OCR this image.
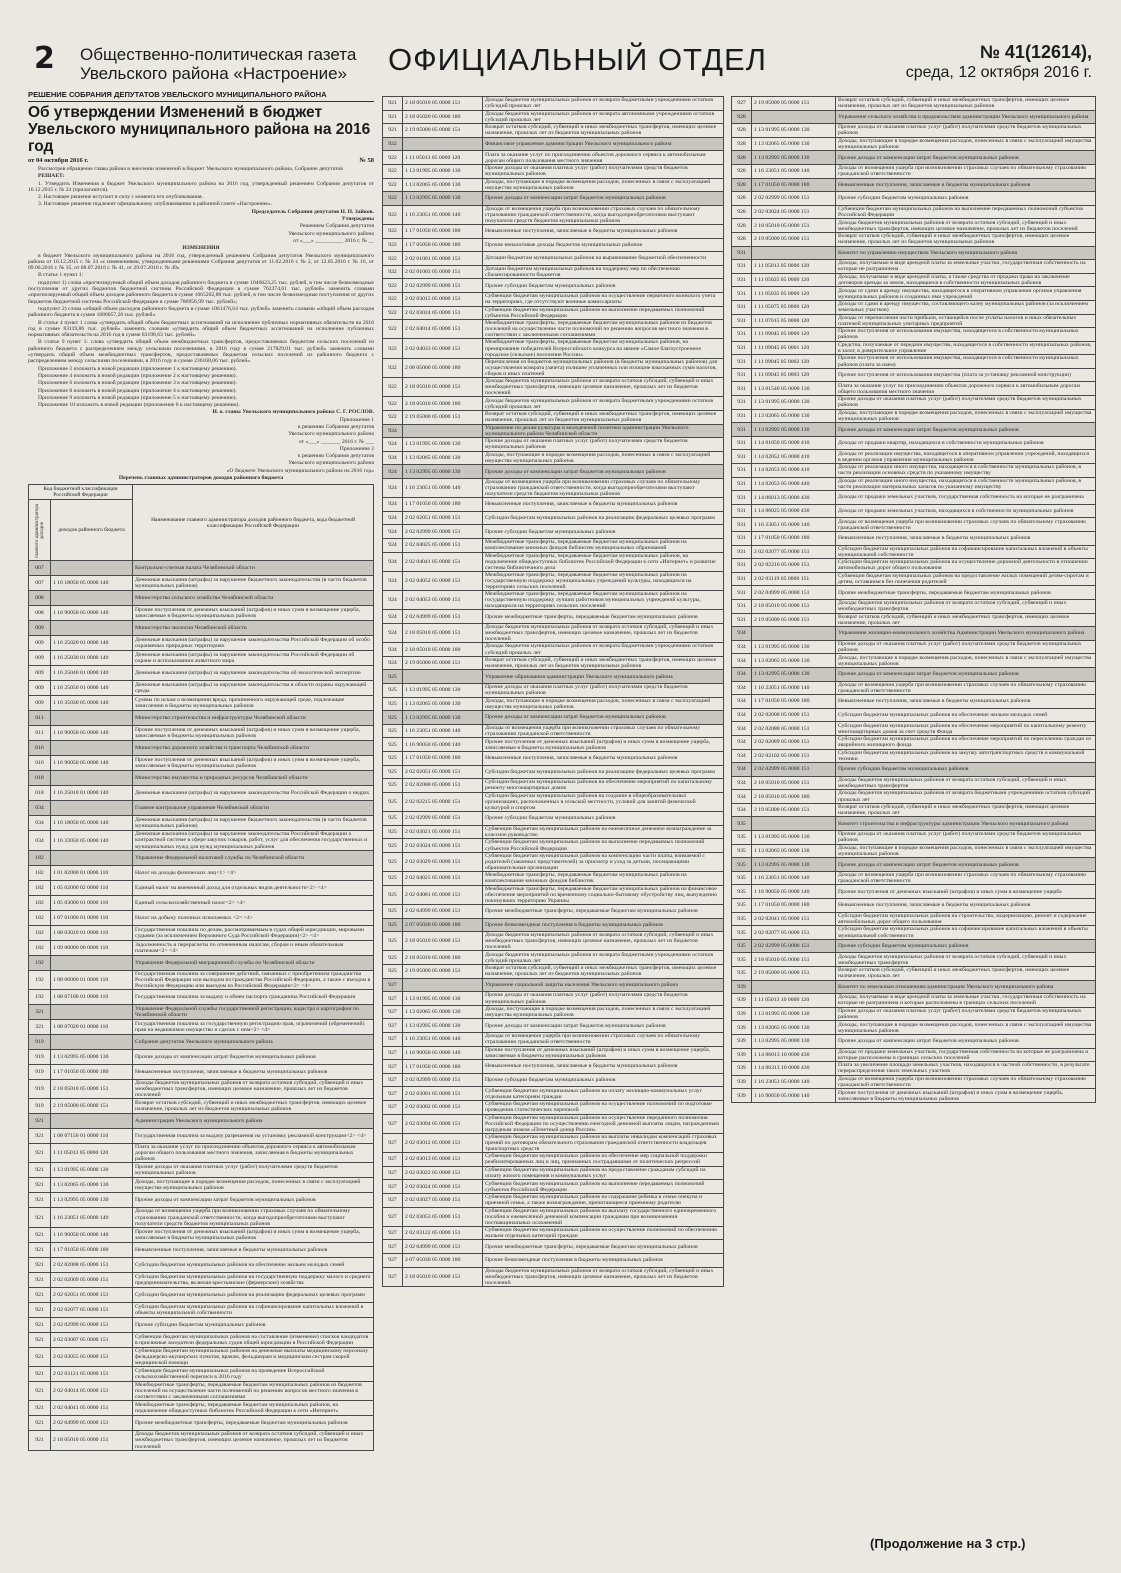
2 Общественно-политическая газета
Увельского района «Настроение»	ОФИЦИАЛЬНЫЙ ОТДЕЛ	№ 41(12614),
среда, 12 октября 2016 г.
РЕШЕНИЕ СОБРАНИЯ ДЕПУТАТОВ УВЕЛЬСКОГО МУНИЦИПАЛЬНОГО РАЙОНА
Об утверждении Изменений в бюджет
Увельского муниципального района на 2016 год
от 04 октября 2016 г.	№ 58

Рассмотрев обращение главы района и внесении изменений в бюджет Увельского муниципального района, Собрание депутатов

РЕШАЕТ:

1. Утвердить Изменения в бюджет Увельского муниципального района на 2016 год, утвержденный решением Собрания депутатов от 16.12.2015 г. № 24 (прилагаются).

2. Настоящее решение вступает в силу с момента его опубликования.

3. Настоящее решение подлежит официальному опубликованию в районной газете «Настроение».

Председатель Собрания депутатов Н. П. Зайков.

Утверждены

Решением Собрания депутатов

Увельского муниципального района

от «___» __________ 2016 г. № __

ИЗМЕНЕНИЯ

в бюджет Увельского муниципального района на 2016 год, утвержденный решением Собрания депутатов Увельского муниципального района от 16.12.2015 г. № 24 «с изменениями, утвержденными решениями Собрания депутатов от 11.02.2016 г. № 2, от 12.05.2016 г. № 16, от 09.06.2016 г. № 35, от 08.07.2016 г. № 41, от 29.07.2016 г. № 49»

В статье 1 пункт 1:

подпункт 1) слова «прогнозируемый общий объем доходов районного бюджета в сумме 1040623,25 тыс. рублей, в том числе безвозмездные поступления от других бюджетов бюджетной системы Российской Федерации в сумме 762374,61 тыс. рублей» заменить словами «прогнозируемый общий объем доходов районного бюджета в сумме 1065202,88 тыс. рублей, в том числе безвозмездные поступления от других бюджетов бюджетной системы Российской Федерации в сумме 786956,99 тыс. рублей»;

подпункт 2) слова «общий объем расходов районного бюджета в сумме 1061476,64 тыс. рублей» заменить словами «общий объем расходов районного бюджета в сумме 1086057,26 тыс. рублей».

В статье 4 пункт 1 слова «утвердить общий объем бюджетных ассигнований на исполнение публичных нормативных обязательств на 2016 год в сумме 83119,86 тыс. рублей» заменить словами «утвердить общий объем бюджетных ассигнований на исполнение публичных нормативных обязательств на 2016 год в сумме 83198,63 тыс. рублей».

В статье 9 пункт 1: слова «утвердить общий объем межбюджетных трансфертов, предоставляемых бюджетам сельских поселений из районного бюджета с распределением между сельскими поселениями, в 2016 году в сумме 217829,01 тыс. рублей» заменить словами «утвердить общий объем межбюджетных трансфертов, предоставляемых бюджетам сельских поселений из районного бюджета с распределением между сельскими поселениями, в 2016 году в сумме 236168,06 тыс. рублей».

Приложение 2 изложить в новой редакции (приложение 1 к настоящему решению).

Приложение 4 изложить в новой редакции (приложение 2 к настоящему решению).

Приложение 6 изложить в новой редакции (приложение 3 к настоящему решению).

Приложение 8 изложить в новой редакции (приложение 4 к настоящему решению).

Приложение 9 изложить в новой редакции (приложение 5 к настоящему решению).

Приложение 10 изложить в новой редакции (приложение 6 к настоящему решению).

И. о. главы Увельского муниципального района С. Г. РОСЛОВ.

Приложение 1

к решению Собрания депутатов

Увельского муниципального района

от «___» _______ 2016 г. № ___

Приложение 2

к решению Собрания депутатов

Увельского муниципального района

«О бюджете Увельского муниципального района на 2016 год»

Перечень главных администраторов доходов районного бюджета

Код бюджетной классификации Российской Федерации		Наименование главного администратора доходов районного бюджета, кода бюджетной классификации Российской Федерации
главного администратора доходов	доходов районного бюджета	
007		Контрольно-счетная палата Челябинской области
007	1 16 18050 05 0000 140	Денежные взыскания (штрафы) за нарушение бюджетного законодательства (в части бюджетов муниципальных районов)
008		Министерство сельского хозяйства Челябинской области
008	1 16 90050 05 0000 140	Прочие поступления от денежных взысканий (штрафов) и иных сумм в возмещение ущерба, зачисляемые в бюджеты муниципальных районов
009		Министерство экологии Челябинской области
009	1 16 25020 01 0000 140	Денежные взыскания (штрафы) за нарушение законодательства Российской Федерации об особо охраняемых природных территориях
009	1 16 25030 01 0000 140	Денежные взыскания (штрафы) за нарушение законодательства Российской Федерации об охране и использовании животного мира
009	1 16 25040 01 0000 140	Денежные взыскания (штрафы) за нарушение законодательства об экологической экспертизе
009	1 16 25050 01 0000 140	Денежные взыскания (штрафы) за нарушение законодательства в области охраны окружающей среды
009	1 16 35030 05 0000 140	Суммы по искам о возмещении вреда, причиненного окружающей среде, подлежащие зачислению в бюджеты муниципальных районов
011		Министерство строительства и инфраструктуры Челябинской области
011	1 16 90050 05 0000 140	Прочие поступления от денежных взысканий (штрафов) и иных сумм в возмещение ущерба, зачисляемые в бюджеты муниципальных районов
016		Министерство дорожного хозяйства и транспорта Челябинской области
016	1 16 90050 05 0000 140	Прочие поступления от денежных взысканий (штрафов) и иных сумм в возмещение ущерба, зачисляемые в бюджеты муниципальных районов
018		Министерство имущества и природных ресурсов Челябинской области
018	1 16 25010 01 0000 140	Денежные взыскания (штрафы) за нарушение законодательства Российской Федерации о недрах
034		Главное контрольное управление Челябинской области
034	1 16 18050 05 0000 140	Денежные взыскания (штрафы) за нарушение бюджетного законодательства (в части бюджетов муниципальных районов)
034	1 16 33050 05 0000 140	Денежные взыскания (штрафы) за нарушение законодательства Российской Федерации о контрактной системе в сфере закупок товаров, работ, услуг для обеспечения государственных и муниципальных нужд для нужд муниципальных районов
182		Управление Федеральной налоговой службы по Челябинской области
182	1 01 02000 01 0000 110	Налог на доходы физических лиц<1> <4>
182	1 05 02000 02 0000 110	Единый налог на вмененный доход для отдельных видов деятельности<2> <4>
182	1 05 03000 01 0000 110	Единый сельскохозяйственный налог<2> <4>
182	1 07 01000 01 0000 110	Налог на добычу полезных ископаемых <2> <4>
182	1 08 03010 01 0000 110	Государственная пошлина по делам, рассматриваемым в судах общей юрисдикции, мировыми судьями (за исключением Верховного Суда Российской Федерации)<2> <4>
182	1 09 00000 00 0000 110	Задолженность и перерасчеты по отмененным налогам, сборам и иным обязательным платежам<2> <4>
192		Управление Федеральной миграционной службы по Челябинской области
192	1 08 06000 01 0000 110	Государственная пошлина за совершение действий, связанных с приобретением гражданства Российской Федерации или выходом из гражданства Российской Федерации, а также с въездом в Российскую Федерацию или выездом из Российской Федерации<2> <4>
192	1 08 07100 01 0000 110	Государственная пошлина за выдачу и обмен паспорта гражданина Российской Федерации
321		Управление Федеральной службы государственной регистрации, кадастра и картографии по Челябинской области
321	1 08 07020 01 0000 110	Государственная пошлина за государственную регистрацию прав, ограничений (обременений) прав на недвижимое имущество и сделок с ним<2> <4>
919		Собрание депутатов Увельского муниципального района
919	1 13 02995 05 0000 130	Прочие доходы от компенсации затрат бюджетов муниципальных районов
919	1 17 01050 05 0000 180	Невыясненные поступления, зачисляемые в бюджеты муниципальных районов
919	2 18 05010 05 0000 151	Доходы бюджетов муниципальных районов от возврата остатков субсидий, субвенций и иных межбюджетных трансфертов, имеющих целевое назначение, прошлых лет из бюджетов поселений
919	2 19 05000 05 0000 151	Возврат остатков субсидий, субвенций и иных межбюджетных трансфертов, имеющих целевое назначение, прошлых лет из бюджетов муниципальных районов
921		Администрация Увельского муниципального района
921	1 08 07150 01 0000 110	Государственная пошлина за выдачу разрешения на установку рекламной конструкции<2> <4>
921	1 11 05013 05 0000 120	Плата за оказание услуг по присоединению объектов дорожного сервиса к автомобильным дорогам общего пользования местного значения, зачисляемая в бюджеты муниципальных районов
921	1 13 01995 05 0000 130	Прочие доходы от оказания платных услуг (работ) получателями средств бюджетов муниципальных районов
921	1 13 02065 05 0000 130	Доходы, поступающие в порядке возмещения расходов, понесенных в связи с эксплуатацией имущества муниципальных районов
921	1 13 02995 05 0000 130	Прочие доходы от компенсации затрат бюджетов муниципальных районов
921	1 16 23051 05 0000 140	Доходы от возмещения ущерба при возникновении страховых случаев по обязательному страхованию гражданской ответственности, когда выгодоприобретателями выступают получатели средств бюджетов муниципальных районов
921	1 16 90050 05 0000 140	Прочие поступления от денежных взысканий (штрафов) и иных сумм в возмещение ущерба, зачисляемые в бюджеты муниципальных районов
921	1 17 01050 05 0000 180	Невыясненные поступления, зачисляемые в бюджеты муниципальных районов
921	2 02 02008 05 0000 151	Субсидии бюджетам муниципальных районов на обеспечение жильем молодых семей
921	2 02 02009 05 0000 151	Субсидии бюджетам муниципальных районов на государственную поддержку малого и среднего предпринимательства, включая крестьянские (фермерские) хозяйства
921	2 02 02051 05 0000 151	Субсидии бюджетам муниципальных районов на реализацию федеральных целевых программ
921	2 02 02077 05 0000 151	Субсидии бюджетам муниципальных районов на софинансирование капитальных вложений в объекты муниципальной собственности
921	2 02 02999 05 0000 151	Прочие субсидии бюджетам муниципальных районов
921	2 02 03007 05 0000 151	Субвенции бюджетам муниципальных районов на составление (изменение) списков кандидатов в присяжные заседатели федеральных судов общей юрисдикции в Российской Федерации
921	2 02 03055 05 0000 151	Субвенции бюджетам муниципальных районов на денежные выплаты медицинскому персоналу фельдшерско-акушерских пунктов, врачам, фельдшерам и медицинским сестрам скорой медицинской помощи
921	2 02 03121 05 0000 151	Субвенции бюджетам муниципальных районов на проведение Всероссийской сельскохозяйственной переписи в 2016 году
921	2 02 04014 05 0000 151	Межбюджетные трансферты, передаваемые бюджетам муниципальных районов из бюджетов поселений на осуществление части полномочий по решению вопросов местного значения в соответствии с заключенными соглашениями
921	2 02 04041 05 0000 151	Межбюджетные трансферты, передаваемые бюджетам муниципальных районов, на подключение общедоступных библиотек Российской Федерации к сети «Интернет»
921	2 02 04999 05 0000 151	Прочие межбюджетные трансферты, передаваемые бюджетам муниципальных районов
921	2 18 05010 05 0000 151	Доходы бюджетов муниципальных районов от возврата остатков субсидий, субвенций и иных межбюджетных трансфертов, имеющих целевое назначение, прошлых лет из бюджетов поселений
921	2 18 05010 05 0000 151	Доходы бюджетов муниципальных районов от возврата бюджетными учреждениями остатков субсидий прошлых лет
921	2 18 05020 05 0000 180	Доходы бюджетов муниципальных районов от возврата автономными учреждениями остатков субсидий прошлых лет
921	2 19 05000 05 0000 151	Возврат остатков субсидий, субвенций и иных межбюджетных трансфертов, имеющих целевое назначение, прошлых лет из бюджетов муниципальных районов
922		Финансовое управление администрации Увельского муниципального района
922	1 11 05013 05 0000 120	Плата за оказание услуг по присоединению объектов дорожного сервиса к автомобильным дорогам общего пользования местного значения
922	1 13 01995 05 0000 130	Прочие доходы от оказания платных услуг (работ) получателями средств бюджетов муниципальных районов
922	1 13 02065 05 0000 130	Доходы, поступающие в порядке возмещения расходов, понесенных в связи с эксплуатацией имущества муниципальных районов
922	1 13 02995 05 0000 130	Прочие доходы от компенсации затрат бюджетов муниципальных районов
922	1 16 23051 05 0000 140	Доходы от возмещения ущерба при возникновении страховых случаев по обязательному страхованию гражданской ответственности, когда выгодоприобретателями выступают получатели средств бюджетов муниципальных районов
922	1 17 01050 05 0000 180	Невыясненные поступления, зачисляемые в бюджеты муниципальных районов
922	1 17 05050 05 0000 180	Прочие неналоговые доходы бюджетов муниципальных районов
922	2 02 01001 05 0000 151	Дотации бюджетам муниципальных районов на выравнивание бюджетной обеспеченности
922	2 02 01003 05 0000 151	Дотации бюджетам муниципальных районов на поддержку мер по обеспечению сбалансированности бюджетов
922	2 02 02999 05 0000 151	Прочие субсидии бюджетам муниципальных районов
922	2 02 03015 05 0000 151	Субвенции бюджетам муниципальных районов на осуществление первичного воинского учета на территориях, где отсутствуют военные комиссариаты
922	2 02 03024 05 0000 151	Субвенции бюджетам муниципальных районов на выполнение передаваемых полномочий субъектов Российской Федерации
922	2 02 04014 05 0000 151	Межбюджетные трансферты, передаваемые бюджетам муниципальных районов из бюджетов поселений на осуществление части полномочий по решению вопросов местного значения в соответствии с заключенными соглашениями
922	2 02 04033 05 0000 151	Межбюджетные трансферты, передаваемые бюджетам муниципальных районов, на премирование победителей Всероссийского конкурса на звание «Самое благоустроенное городское (сельское) поселение России»
922	2 08 05000 05 0000 180	Перечисления из бюджетов муниципальных районов (в бюджеты муниципальных районов) для осуществления возврата (зачета) излишне уплаченных или излишне взысканных сумм налогов, сборов и иных платежей
922	2 18 05010 05 0000 151	Доходы бюджетов муниципальных районов от возврата остатков субсидий, субвенций и иных межбюджетных трансфертов, имеющих целевое назначение, прошлых лет из бюджетов поселений
922	2 18 05010 05 0000 180	Доходы бюджетов муниципальных районов от возврата бюджетными учреждениями остатков субсидий прошлых лет
922	2 19 05000 05 0000 151	Возврат остатков субсидий, субвенций и иных межбюджетных трансфертов, имеющих целевое назначение, прошлых лет из бюджетов муниципальных районов
924		Управление по делам культуры и молодежной политики администрации Увельского муниципального района Челябинской области
924	1 13 01995 05 0000 130	Прочие доходы от оказания платных услуг (работ) получателями средств бюджетов муниципальных районов
924	1 13 02065 05 0000 130	Доходы, поступающие в порядке возмещения расходов, понесенных в связи с эксплуатацией имущества муниципальных районов
924	1 13 02995 05 0000 130	Прочие доходы от компенсации затрат бюджетов муниципальных районов
924	1 16 23051 05 0000 140	Доходы от возмещения ущерба при возникновении страховых случаев по обязательному страхованию гражданской ответственности, когда выгодоприобретателями выступают получатели средств бюджетов муниципальных районов
924	1 17 01050 05 0000 180	Невыясненные поступления, зачисляемые в бюджеты муниципальных районов
924	2 02 02051 05 0000 151	Субсидии бюджетам муниципальных районов на реализацию федеральных целевых программ
924	2 02 02999 05 0000 151	Прочие субсидии бюджетам муниципальных районов
924	2 02 04025 05 0000 151	Межбюджетные трансферты, передаваемые бюджетам муниципальных районов на комплектование книжных фондов библиотек муниципальных образований
924	2 02 04041 05 0000 151	Межбюджетные трансферты, передаваемые бюджетам муниципальных районов, на подключение общедоступных библиотек Российской Федерации к сети «Интернет» и развитие системы библиотечного дела
924	2 02 04052 05 0000 151	Межбюджетные трансферты, передаваемые бюджетам муниципальных районов на государственную поддержку муниципальных учреждений культуры, находящихся на территориях сельских поселений
924	2 02 04053 05 0000 151	Межбюджетные трансферты, передаваемые бюджетам муниципальных районов на государственную поддержку лучших работников муниципальных учреждений культуры, находящихся на территориях сельских поселений
924	2 02 04999 05 0000 151	Прочие межбюджетные трансферты, передаваемые бюджетам муниципальных районов
924	2 18 05010 05 0000 151	Доходы бюджетов муниципальных районов от возврата остатков субсидий, субвенций и иных межбюджетных трансфертов, имеющих целевое назначение, прошлых лет из бюджетов поселений
924	2 18 05010 05 0000 180	Доходы бюджетов муниципальных районов от возврата бюджетными учреждениями остатков субсидий прошлых лет
924	2 19 05000 05 0000 151	Возврат остатков субсидий, субвенций и иных межбюджетных трансфертов, имеющих целевое назначение, прошлых лет из бюджетов муниципальных районов
925		Управление образования администрации Увельского муниципального района
925	1 13 01995 05 0000 130	Прочие доходы от оказания платных услуг (работ) получателями средств бюджетов муниципальных районов
925	1 13 02065 05 0000 130	Доходы, поступающие в порядке возмещения расходов, понесенных в связи с эксплуатацией имущества муниципальных районов
925	1 13 02995 05 0000 130	Прочие доходы от компенсации затрат бюджетов муниципальных районов
925	1 16 23051 05 0000 140	Доходы от возмещения ущерба при возникновении страховых случаев по обязательному страхованию гражданской ответственности
925	1 16 90050 05 0000 140	Прочие поступления от денежных взысканий (штрафов) и иных сумм в возмещение ущерба, зачисляемые в бюджеты муниципальных районов
925	1 17 01050 05 0000 180	Невыясненные поступления, зачисляемые в бюджеты муниципальных районов
925	2 02 02051 05 0000 151	Субсидии бюджетам муниципальных районов на реализацию федеральных целевых программ
925	2 02 02088 05 0000 151	Субсидии бюджетам муниципальных районов на обеспечение мероприятий по капитальному ремонту многоквартирных домов
925	2 02 02215 05 0000 151	Субсидии бюджетам муниципальных районов на создание в общеобразовательных организациях, расположенных в сельской местности, условий для занятий физической культурой и спортом
925	2 02 02999 05 0000 151	Прочие субсидии бюджетам муниципальных районов
925	2 02 03021 05 0000 151	Субвенции бюджетам муниципальных районов на ежемесячное денежное вознаграждение за классное руководство
925	2 02 03024 05 0000 151	Субвенции бюджетам муниципальных районов на выполнение передаваемых полномочий субъектов Российской Федерации
925	2 02 03029 05 0000 151	Субвенции бюджетам муниципальных районов на компенсацию части платы, взимаемой с родителей (законных представителей) за присмотр и уход за детьми, посещающими образовательные организации
925	2 02 04025 05 0000 151	Межбюджетные трансферты, передаваемые бюджетам муниципальных районов на комплектование книжных фондов библиотек
925	2 02 04081 05 0000 151	Межбюджетные трансферты, передаваемые бюджетам муниципальных районов на финансовое обеспечение мероприятий по временному социально-бытовому обустройству лиц, вынужденно покинувших территорию Украины
925	2 02 04999 05 0000 151	Прочие межбюджетные трансферты, передаваемые бюджетам муниципальных районов
925	2 07 05030 05 0000 180	Прочие безвозмездные поступления в бюджеты муниципальных районов
925	2 18 05010 05 0000 151	Доходы бюджетов муниципальных районов от возврата остатков субсидий, субвенций и иных межбюджетных трансфертов, имеющих целевое назначение, прошлых лет из бюджетов поселений
925	2 18 05010 05 0000 180	Доходы бюджетов муниципальных районов от возврата бюджетными учреждениями остатков субсидий прошлых лет
925	2 19 05000 05 0000 151	Возврат остатков субсидий, субвенций и иных межбюджетных трансфертов, имеющих целевое назначение, прошлых лет из бюджетов муниципальных районов
927		Управление социальной защиты населения Увельского муниципального района
927	1 13 01995 05 0000 130	Прочие доходы от оказания платных услуг (работ) получателями средств бюджетов муниципальных районов
927	1 13 02065 05 0000 130	Доходы, поступающие в порядке возмещения расходов, понесенных в связи с эксплуатацией имущества муниципальных районов
927	1 13 02995 05 0000 130	Прочие доходы от компенсации затрат бюджетов муниципальных районов
927	1 16 23051 05 0000 140	Доходы от возмещения ущерба при возникновении страховых случаев по обязательному страхованию гражданской ответственности
927	1 16 90050 05 0000 140	Прочие поступления от денежных взысканий (штрафов) и иных сумм в возмещение ущерба, зачисляемые в бюджеты муниципальных районов
927	1 17 01050 05 0000 180	Невыясненные поступления, зачисляемые в бюджеты муниципальных районов
927	2 02 02999 05 0000 151	Прочие субсидии бюджетам муниципальных районов
927	2 02 03001 05 0000 151	Субвенции бюджетам муниципальных районов на оплату жилищно-коммунальных услуг отдельным категориям граждан
927	2 02 03002 05 0000 151	Субвенции бюджетам муниципальных районов на осуществление полномочий по подготовке проведения статистических переписей
927	2 02 03004 05 0000 151	Субвенции бюджетам муниципальных районов на осуществление переданного полномочия Российской Федерации по осуществлению ежегодной денежной выплаты лицам, награжденным нагрудным знаком «Почетный донор России»
927	2 02 03012 05 0000 151	Субвенции бюджетам муниципальных районов на выплаты инвалидам компенсаций страховых премий по договорам обязательного страхования гражданской ответственности владельцев транспортных средств
927	2 02 03013 05 0000 151	Субвенции бюджетам муниципальных районов на обеспечение мер социальной поддержки реабилитированных лиц и лиц, признанных пострадавшими от политических репрессий
927	2 02 03022 05 0000 151	Субвенции бюджетам муниципальных районов на предоставление гражданам субсидий на оплату жилого помещения и коммунальных услуг
927	2 02 03024 05 0000 151	Субвенции бюджетам муниципальных районов на выполнение передаваемых полномочий субъектов Российской Федерации
927	2 02 03027 05 0000 151	Субвенции бюджетам муниципальных районов на содержание ребенка в семье опекуна и приемной семье, а также вознаграждение, причитающееся приемному родителю
927	2 02 03053 05 0000 151	Субвенции бюджетам муниципальных районов на выплату государственного единовременного пособия и ежемесячной денежной компенсации гражданам при возникновении поствакцинальных осложнений
927	2 02 03122 05 0000 151	Субвенции бюджетам муниципальных районов на осуществление полномочий по обеспечению жильем отдельных категорий граждан
927	2 02 04999 05 0000 151	Прочие межбюджетные трансферты, передаваемые бюджетам муниципальных районов
927	2 07 05030 05 0000 180	Прочие безвозмездные поступления в бюджеты муниципальных районов
927	2 18 05010 05 0000 151	Доходы бюджетов муниципальных районов от возврата остатков субсидий, субвенций и иных межбюджетных трансфертов, имеющих целевое назначение, прошлых лет из бюджетов поселений
927	2 19 05000 05 0000 151	Возврат остатков субсидий, субвенций и иных межбюджетных трансфертов, имеющих целевое назначение, прошлых лет из бюджетов муниципальных районов
928		Управление сельского хозяйства и продовольствия администрации Увельского муниципального района
928	1 13 01995 05 0000 130	Прочие доходы от оказания платных услуг (работ) получателями средств бюджетов муниципальных районов
928	1 13 02065 05 0000 130	Доходы, поступающие в порядке возмещения расходов, понесенных в связи с эксплуатацией имущества муниципальных районов
928	1 13 02995 05 0000 130	Прочие доходы от компенсации затрат бюджетов муниципальных районов
928	1 16 23051 05 0000 140	Доходы от возмещения ущерба при возникновении страховых случаев по обязательному страхованию гражданской ответственности
928	1 17 01050 05 0000 180	Невыясненные поступления, зачисляемые в бюджеты муниципальных районов
928	2 02 02999 05 0000 151	Прочие субсидии бюджетам муниципальных районов
928	2 02 03024 05 0000 151	Субвенции бюджетам муниципальных районов на выполнение передаваемых полномочий субъектов Российской Федерации
928	2 18 05010 05 0000 151	Доходы бюджетов муниципальных районов от возврата остатков субсидий, субвенций и иных межбюджетных трансфертов, имеющих целевое назначение, прошлых лет из бюджетов поселений
928	2 19 05000 05 0000 151	Возврат остатков субсидий, субвенций и иных межбюджетных трансфертов, имеющих целевое назначение, прошлых лет из бюджетов муниципальных районов
931		Комитет по управлению имуществом Увельского муниципального района
931	1 11 05013 05 0000 120	Доходы, получаемые в виде арендной платы за земельные участки, государственная собственность на которые не разграничена
931	1 11 05025 05 0000 120	Доходы, получаемые в виде арендной платы, а также средства от продажи права на заключение договоров аренды за земли, находящиеся в собственности муниципальных районов
931	1 11 05035 05 0000 120	Доходы от сдачи в аренду имущества, находящегося в оперативном управлении органов управления муниципальных районов и созданных ими учреждений
931	1 11 05075 05 0000 120	Доходы от сдачи в аренду имущества, составляющего казну муниципальных районов (за исключением земельных участков)
931	1 11 07015 05 0000 120	Доходы от перечисления части прибыли, остающейся после уплаты налогов и иных обязательных платежей муниципальных унитарных предприятий
931	1 11 09045 05 0000 120	Прочие поступления от использования имущества, находящегося в собственности муниципальных районов
931	1 11 09045 05 0001 120	Средства, получаемые от передачи имущества, находящегося в собственности муниципальных районов, в залог, в доверительное управление
931	1 11 09045 05 0002 120	Прочие поступления от использования имущества, находящегося в собственности муниципальных районов (плата за наем)
931	1 11 09045 05 0003 120	Прочие поступления от использования имущества (плата за установку рекламной конструкции)
931	1 13 01540 05 0000 130	Плата за оказание услуг по присоединению объектов дорожного сервиса к автомобильным дорогам общего пользования местного значения
931	1 13 01995 05 0000 130	Прочие доходы от оказания платных услуг (работ) получателями средств бюджетов муниципальных районов
931	1 13 02065 05 0000 130	Доходы, поступающие в порядке возмещения расходов, понесенных в связи с эксплуатацией имущества муниципальных районов
931	1 13 02995 05 0000 130	Прочие доходы от компенсации затрат бюджетов муниципальных районов
931	1 14 01050 05 0000 410	Доходы от продажи квартир, находящихся в собственности муниципальных районов
931	1 14 02052 05 0000 410	Доходы от реализации имущества, находящегося в оперативном управлении учреждений, находящихся в ведении органов управления муниципальных районов
931	1 14 02053 05 0000 410	Доходы от реализации иного имущества, находящегося в собственности муниципальных районов, в части реализации основных средств по указанному имуществу
931	1 14 02053 05 0000 440	Доходы от реализации иного имущества, находящегося в собственности муниципальных районов, в части реализации материальных запасов по указанному имуществу
931	1 14 06013 05 0000 430	Доходы от продажи земельных участков, государственная собственность на которые не разграничена
931	1 14 06025 05 0000 430	Доходы от продажи земельных участков, находящихся в собственности муниципальных районов
931	1 16 23051 05 0000 140	Доходы от возмещения ущерба при возникновении страховых случаев по обязательному страхованию гражданской ответственности
931	1 17 01050 05 0000 180	Невыясненные поступления, зачисляемые в бюджеты муниципальных районов
931	2 02 02077 05 0000 151	Субсидии бюджетам муниципальных районов на софинансирование капитальных вложений в объекты муниципальной собственности
931	2 02 02216 05 0000 151	Субсидии бюджетам муниципальных районов на осуществление дорожной деятельности в отношении автомобильных дорог общего пользования
931	2 02 03119 05 0000 151	Субвенции бюджетам муниципальных районов на предоставление жилых помещений детям-сиротам и детям, оставшимся без попечения родителей
931	2 02 04999 05 0000 151	Прочие межбюджетные трансферты, передаваемые бюджетам муниципальных районов
931	2 18 05010 05 0000 151	Доходы бюджетов муниципальных районов от возврата остатков субсидий, субвенций и иных межбюджетных трансфертов
931	2 19 05000 05 0000 151	Возврат остатков субсидий, субвенций и иных межбюджетных трансфертов, имеющих целевое назначение, прошлых лет
934		Управление жилищно-коммунального хозяйства Администрации Увельского муниципального района
934	1 13 01995 05 0000 130	Прочие доходы от оказания платных услуг (работ) получателями средств бюджетов муниципальных районов
934	1 13 02065 05 0000 130	Доходы, поступающие в порядке возмещения расходов, понесенных в связи с эксплуатацией имущества муниципальных районов
934	1 13 02995 05 0000 130	Прочие доходы от компенсации затрат бюджетов муниципальных районов
934	1 16 23051 05 0000 140	Доходы от возмещения ущерба при возникновении страховых случаев по обязательному страхованию гражданской ответственности
934	1 17 01050 05 0000 180	Невыясненные поступления, зачисляемые в бюджеты муниципальных районов
934	2 02 02008 05 0000 151	Субсидии бюджетам муниципальных районов на обеспечение жильем молодых семей
934	2 02 02088 05 0000 151	Субсидии бюджетам муниципальных районов на обеспечение мероприятий по капитальному ремонту многоквартирных домов за счет средств Фонда
934	2 02 02089 05 0000 151	Субсидии бюджетам муниципальных районов на обеспечение мероприятий по переселению граждан из аварийного жилищного фонда
934	2 02 02102 05 0000 151	Субсидии бюджетам муниципальных районов на закупку автотранспортных средств и коммунальной техники
934	2 02 02999 05 0000 151	Прочие субсидии бюджетам муниципальных районов
934	2 18 05010 05 0000 151	Доходы бюджетов муниципальных районов от возврата остатков субсидий, субвенций и иных межбюджетных трансфертов
934	2 18 05010 05 0000 180	Доходы бюджетов муниципальных районов от возврата бюджетными учреждениями остатков субсидий прошлых лет
934	2 19 05000 05 0000 151	Возврат остатков субсидий, субвенций и иных межбюджетных трансфертов, имеющих целевое назначение, прошлых лет
935		Комитет строительства и инфраструктуры администрации Увельского муниципального района
935	1 13 01995 05 0000 130	Прочие доходы от оказания платных услуг (работ) получателями средств бюджетов муниципальных районов
935	1 13 02065 05 0000 130	Доходы, поступающие в порядке возмещения расходов, понесенных в связи с эксплуатацией имущества муниципальных районов
935	1 13 02995 05 0000 130	Прочие доходы от компенсации затрат бюджетов муниципальных районов
935	1 16 23051 05 0000 140	Доходы от возмещения ущерба при возникновении страховых случаев по обязательному страхованию гражданской ответственности
935	1 16 90050 05 0000 140	Прочие поступления от денежных взысканий (штрафов) и иных сумм в возмещение ущерба
935	1 17 01050 05 0000 180	Невыясненные поступления, зачисляемые в бюджеты муниципальных районов
935	2 02 02041 05 0000 151	Субсидии бюджетам муниципальных районов на строительство, модернизацию, ремонт и содержание автомобильных дорог общего пользования
935	2 02 02077 05 0000 151	Субсидии бюджетам муниципальных районов на софинансирование капитальных вложений в объекты муниципальной собственности
935	2 02 02999 05 0000 151	Прочие субсидии бюджетам муниципальных районов
935	2 18 05010 05 0000 151	Доходы бюджетов муниципальных районов от возврата остатков субсидий, субвенций и иных межбюджетных трансфертов
935	2 19 05000 05 0000 151	Возврат остатков субсидий, субвенций и иных межбюджетных трансфертов, имеющих целевое назначение, прошлых лет
939		Комитет по земельным отношениям администрации Увельского муниципального района
939	1 11 05013 10 0000 120	Доходы, получаемые в виде арендной платы за земельные участки, государственная собственность на которые не разграничена и которые расположены в границах сельских поселений
939	1 13 01995 05 0000 130	Прочие доходы от оказания платных услуг (работ) получателями средств бюджетов муниципальных районов
939	1 13 02065 05 0000 130	Доходы, поступающие в порядке возмещения расходов, понесенных в связи с эксплуатацией имущества муниципальных районов
939	1 13 02995 05 0000 130	Прочие доходы от компенсации затрат бюджетов муниципальных районов
939	1 14 06013 10 0000 430	Доходы от продажи земельных участков, государственная собственность на которые не разграничена и которые расположены в границах сельских поселений
939	1 14 06313 10 0000 430	Плата за увеличение площади земельных участков, находящихся в частной собственности, в результате перераспределения таких земельных участков
939	1 16 23051 05 0000 140	Доходы от возмещения ущерба при возникновении страховых случаев по обязательному страхованию гражданской ответственности
939	1 16 90050 05 0000 140	Прочие поступления от денежных взысканий (штрафов) и иных сумм в возмещение ущерба, зачисляемые в бюджеты муниципальных районов
(Продолжение на 3 стр.)
